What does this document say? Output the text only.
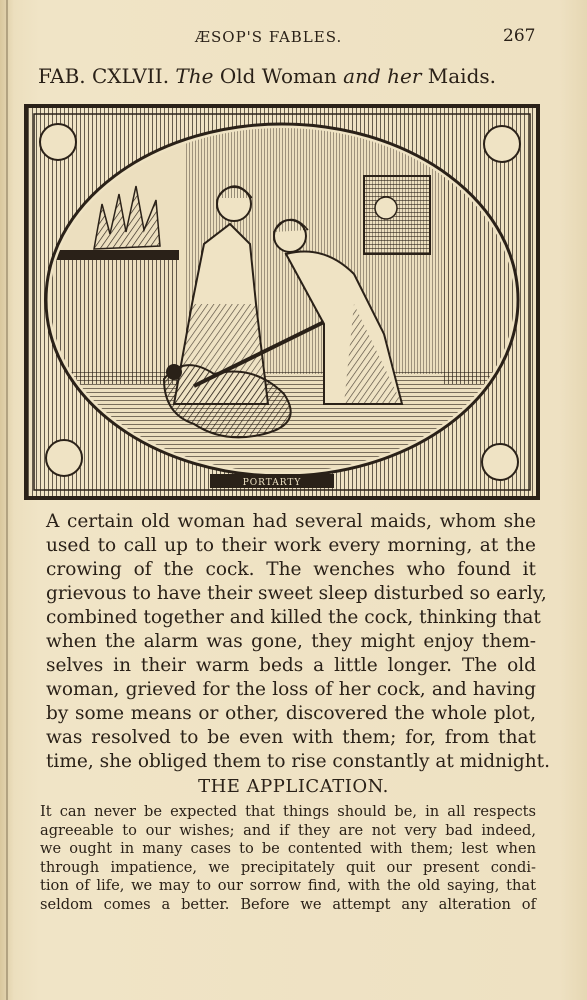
ÆSOP'S FABLES.	267
FAB. CXLVII. The Old Woman and her Maids.
PORTARTY
A certain old woman had several maids, whom she
used to call up to their work every morning, at the
crowing of the cock. The wenches who found it
grievous to have their sweet sleep disturbed so early,
combined together and killed the cock, thinking that
when the alarm was gone, they might enjoy them-
selves in their warm beds a little longer. The old
woman, grieved for the loss of her cock, and having
by some means or other, discovered the whole plot,
was resolved to be even with them; for, from that
time, she obliged them to rise constantly at midnight.
THE APPLICATION.
It can never be expected that things should be, in all respects
agreeable to our wishes; and if they are not very bad indeed,
we ought in many cases to be contented with them; lest when
through impatience, we precipitately quit our present condi-
tion of life, we may to our sorrow find, with the old saying, that
seldom comes a better. Before we attempt any alteration of
